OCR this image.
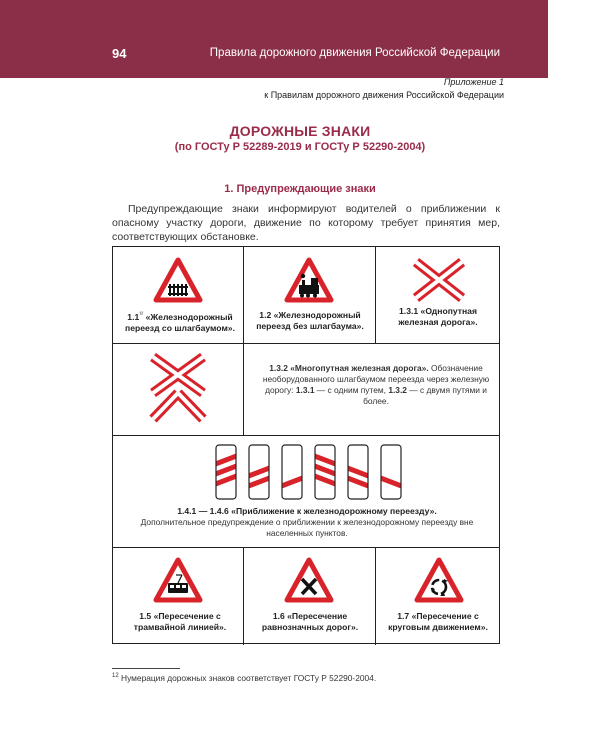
94	Правила дорожного движения Российской Федерации
Приложение 1
к Правилам дорожного движения Российской Федерации
ДОРОЖНЫЕ ЗНАКИ
(по ГОСТу Р 52289-2019 и ГОСТу Р 52290-2004)
1. Предупреждающие знаки
Предупреждающие знаки информируют водителей о приближении к опасному участку дороги, движение по которому требует принятия мер, соответствующих обстановке.
$1.1^{^{12}}$ «Железнодорожный переезд со шлагбаумом».
1.2 «Железнодорожный переезд без шлагбаума».
1.3.1 «Однопутная железная дорога».
1.3.2 «Многопутная железная дорога». Обозначение необорудованного шлагбаумом переезда через железную дорогу: 1.3.1 — с одним путем, 1.3.2 — с двумя путями и более.
1.4.1 — 1.4.6 «Приближение к железнодорожному переезду».
Дополнительное предупреждение о приближении к железнодорожному переезду вне населенных пунктов.
1.5 «Пересечение с трамвайной линией».
1.6 «Пересечение равнозначных дорог».
1.7 «Пересечение с круговым движением».
$^{12}$ Нумерация дорожных знаков соответствует ГОСТу Р 52290-2004.
